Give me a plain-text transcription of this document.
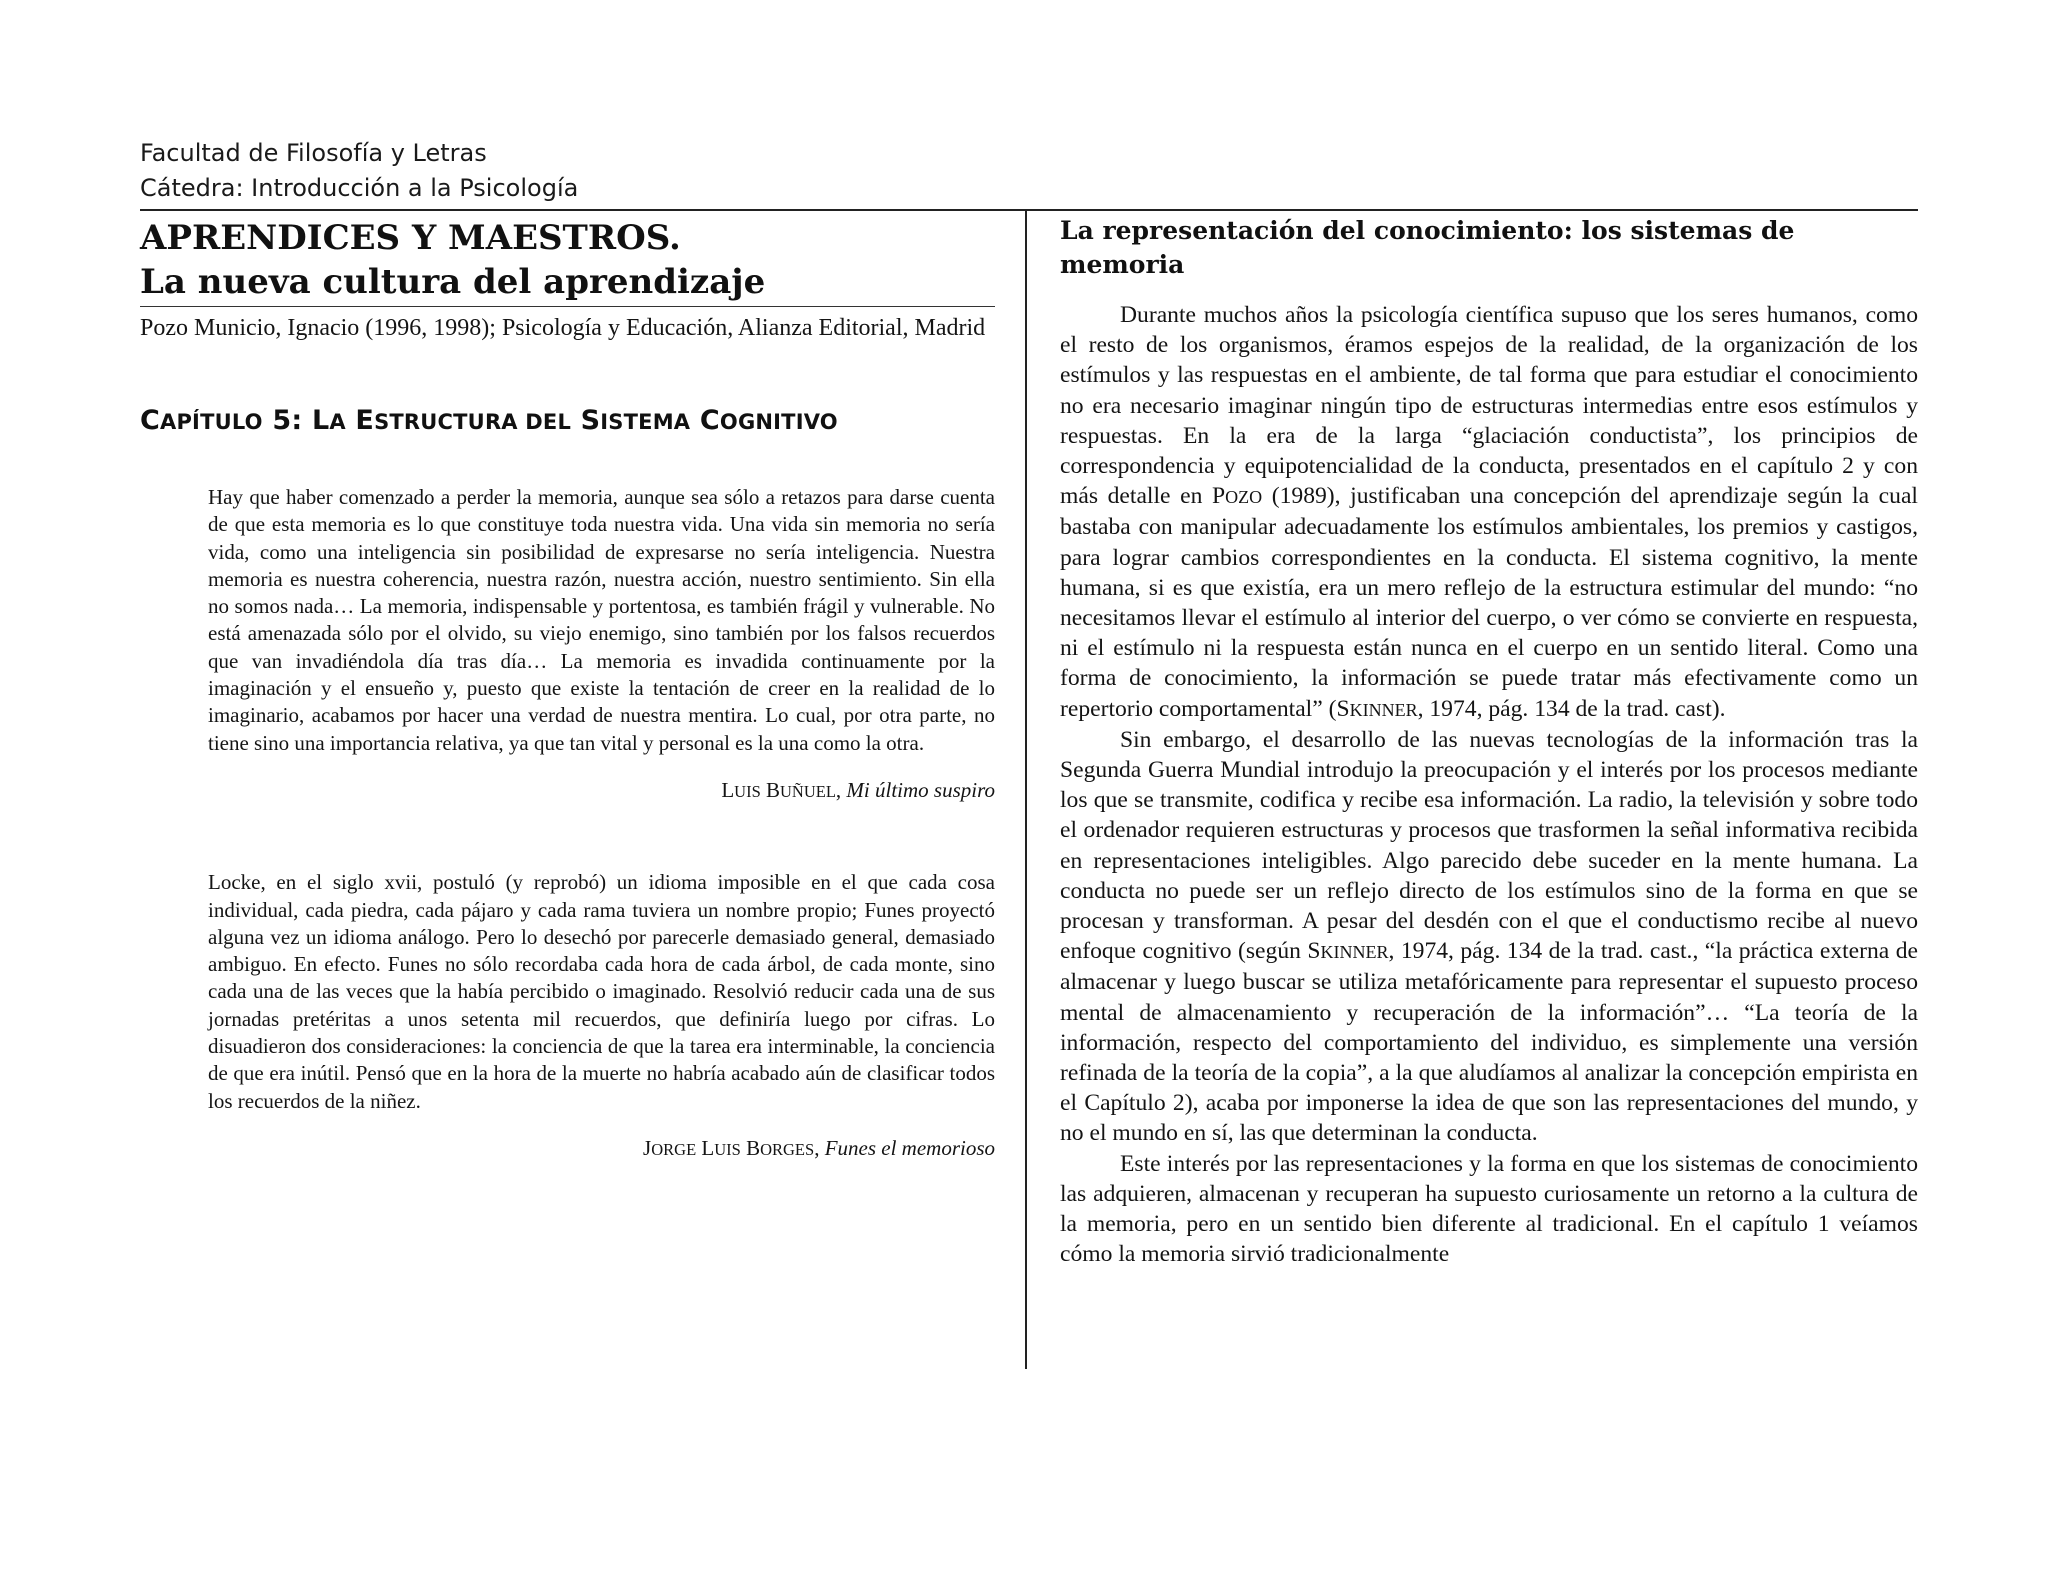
Facultad de Filosofía y Letras
Cátedra: Introducción a la Psicología
APRENDICES Y MAESTROS.
La nueva cultura del aprendizaje

Pozo Municio, Ignacio (1996, 1998); Psicología y Educación, Alianza Editorial, Madrid

CAPÍTULO 5: LA ESTRUCTURA DEL SISTEMA COGNITIVO
Hay que haber comenzado a perder la memoria, aunque sea sólo a retazos para darse cuenta de que esta memoria es lo que constituye toda nuestra vida. Una vida sin memoria no sería vida, como una inteligencia sin posibilidad de expresarse no sería inteligencia. Nuestra memoria es nuestra coherencia, nuestra razón, nuestra acción, nuestro sentimiento. Sin ella no somos nada… La memoria, indispensable y portentosa, es también frágil y vulnerable. No está amenazada sólo por el olvido, su viejo enemigo, sino también por los falsos recuerdos que van invadiéndola día tras día… La memoria es invadida continuamente por la imaginación y el ensueño y, puesto que existe la tentación de creer en la realidad de lo imaginario, acabamos por hacer una verdad de nuestra mentira. Lo cual, por otra parte, no tiene sino una importancia relativa, ya que tan vital y personal es la una como la otra.
LUIS BUÑUEL, Mi último suspiro
Locke, en el siglo xvii, postuló (y reprobó) un idioma imposible en el que cada cosa individual, cada piedra, cada pájaro y cada rama tuviera un nombre propio; Funes proyectó alguna vez un idioma análogo. Pero lo desechó por parecerle demasiado general, demasiado ambiguo. En efecto. Funes no sólo recordaba cada hora de cada árbol, de cada monte, sino cada una de las veces que la había percibido o imaginado. Resolvió reducir cada una de sus jornadas pretéritas a unos setenta mil recuerdos, que definiría luego por cifras. Lo disuadieron dos consideraciones: la conciencia de que la tarea era interminable, la conciencia de que era inútil. Pensó que en la hora de la muerte no habría acabado aún de clasificar todos los recuerdos de la niñez.
JORGE LUIS BORGES, Funes el memorioso
La representación del conocimiento: los sistemas de memoria

Durante muchos años la psicología científica supuso que los seres humanos, como el resto de los organismos, éramos espejos de la realidad, de la organización de los estímulos y las respuestas en el ambiente, de tal forma que para estudiar el conocimiento no era necesario imaginar ningún tipo de estructuras intermedias entre esos estímulos y respuestas. En la era de la larga “glaciación conductista”, los principios de correspondencia y equipotencialidad de la conducta, presentados en el capítulo 2 y con más detalle en POZO (1989), justificaban una concepción del aprendizaje según la cual bastaba con manipular adecuadamente los estímulos ambientales, los premios y castigos, para lograr cambios correspondientes en la conducta. El sistema cognitivo, la mente humana, si es que existía, era un mero reflejo de la estructura estimular del mundo: “no necesitamos llevar el estímulo al interior del cuerpo, o ver cómo se convierte en respuesta, ni el estímulo ni la respuesta están nunca en el cuerpo en un sentido literal. Como una forma de conocimiento, la información se puede tratar más efectivamente como un repertorio comportamental” (SKINNER, 1974, pág. 134 de la trad. cast).

Sin embargo, el desarrollo de las nuevas tecnologías de la información tras la Segunda Guerra Mundial introdujo la preocupación y el interés por los procesos mediante los que se transmite, codifica y recibe esa información. La radio, la televisión y sobre todo el ordenador requieren estructuras y procesos que trasformen la señal informativa recibida en representaciones inteligibles. Algo parecido debe suceder en la mente humana. La conducta no puede ser un reflejo directo de los estímulos sino de la forma en que se procesan y transforman. A pesar del desdén con el que el conductismo recibe al nuevo enfoque cognitivo (según SKINNER, 1974, pág. 134 de la trad. cast., “la práctica externa de almacenar y luego buscar se utiliza metafóricamente para representar el supuesto proceso mental de almacenamiento y recuperación de la información”… “La teoría de la información, respecto del comportamiento del individuo, es simplemente una versión refinada de la teoría de la copia”, a la que aludíamos al analizar la concepción empirista en el Capítulo 2), acaba por imponerse la idea de que son las representaciones del mundo, y no el mundo en sí, las que determinan la conducta.

Este interés por las representaciones y la forma en que los sistemas de conocimiento las adquieren, almacenan y recuperan ha supuesto curiosamente un retorno a la cultura de la memoria, pero en un sentido bien diferente al tradicional. En el capítulo 1 veíamos cómo la memoria sirvió tradicionalmente
